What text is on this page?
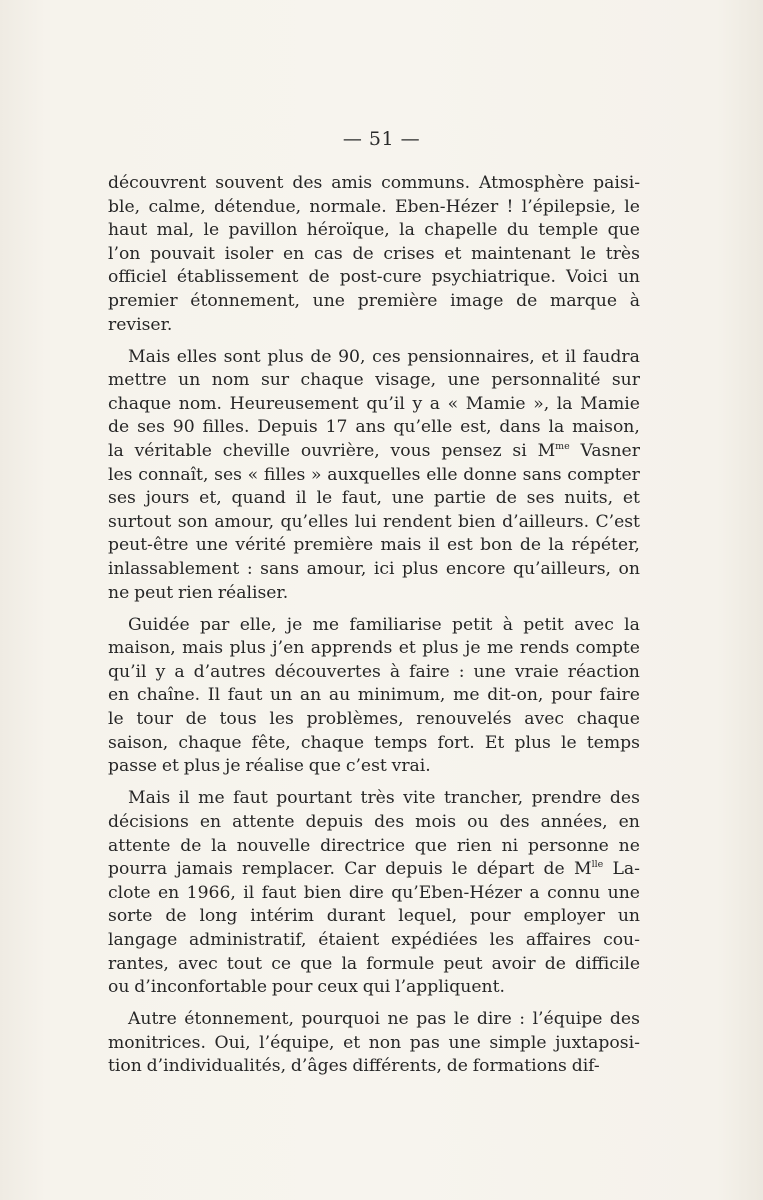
— 51 —
découvrent souvent des amis communs. Atmosphère paisi-
ble, calme, détendue, normale. Eben-Hézer ! l’épilepsie, le
haut mal, le pavillon héroïque, la chapelle du temple que
l’on pouvait isoler en cas de crises et maintenant le très
officiel établissement de post-cure psychiatrique. Voici un
premier étonnement, une première image de marque à
reviser.
Mais elles sont plus de 90, ces pensionnaires, et il faudra
mettre un nom sur chaque visage, une personnalité sur
chaque nom. Heureusement qu’il y a « Mamie », la Mamie
de ses 90 filles. Depuis 17 ans qu’elle est, dans la maison,
la véritable cheville ouvrière, vous pensez si $M^{me}$ Vasner
les connaît, ses « filles » auxquelles elle donne sans compter
ses jours et, quand il le faut, une partie de ses nuits, et
surtout son amour, qu’elles lui rendent bien d’ailleurs. C’est
peut-être une vérité première mais il est bon de la répéter,
inlassablement : sans amour, ici plus encore qu’ailleurs, on
ne peut rien réaliser.
Guidée par elle, je me familiarise petit à petit avec la
maison, mais plus j’en apprends et plus je me rends compte
qu’il y a d’autres découvertes à faire : une vraie réaction
en chaîne. Il faut un an au minimum, me dit-on, pour faire
le tour de tous les problèmes, renouvelés avec chaque
saison, chaque fête, chaque temps fort. Et plus le temps
passe et plus je réalise que c’est vrai.
Mais il me faut pourtant très vite trancher, prendre des
décisions en attente depuis des mois ou des années, en
attente de la nouvelle directrice que rien ni personne ne
pourra jamais remplacer. Car depuis le départ de $M^{lle}$ La-
clote en 1966, il faut bien dire qu’Eben-Hézer a connu une
sorte de long intérim durant lequel, pour employer un
langage administratif, étaient expédiées les affaires cou-
rantes, avec tout ce que la formule peut avoir de difficile
ou d’inconfortable pour ceux qui l’appliquent.
Autre étonnement, pourquoi ne pas le dire : l’équipe des
monitrices. Oui, l’équipe, et non pas une simple juxtaposi-
tion d’individualités, d’âges différents, de formations dif-
